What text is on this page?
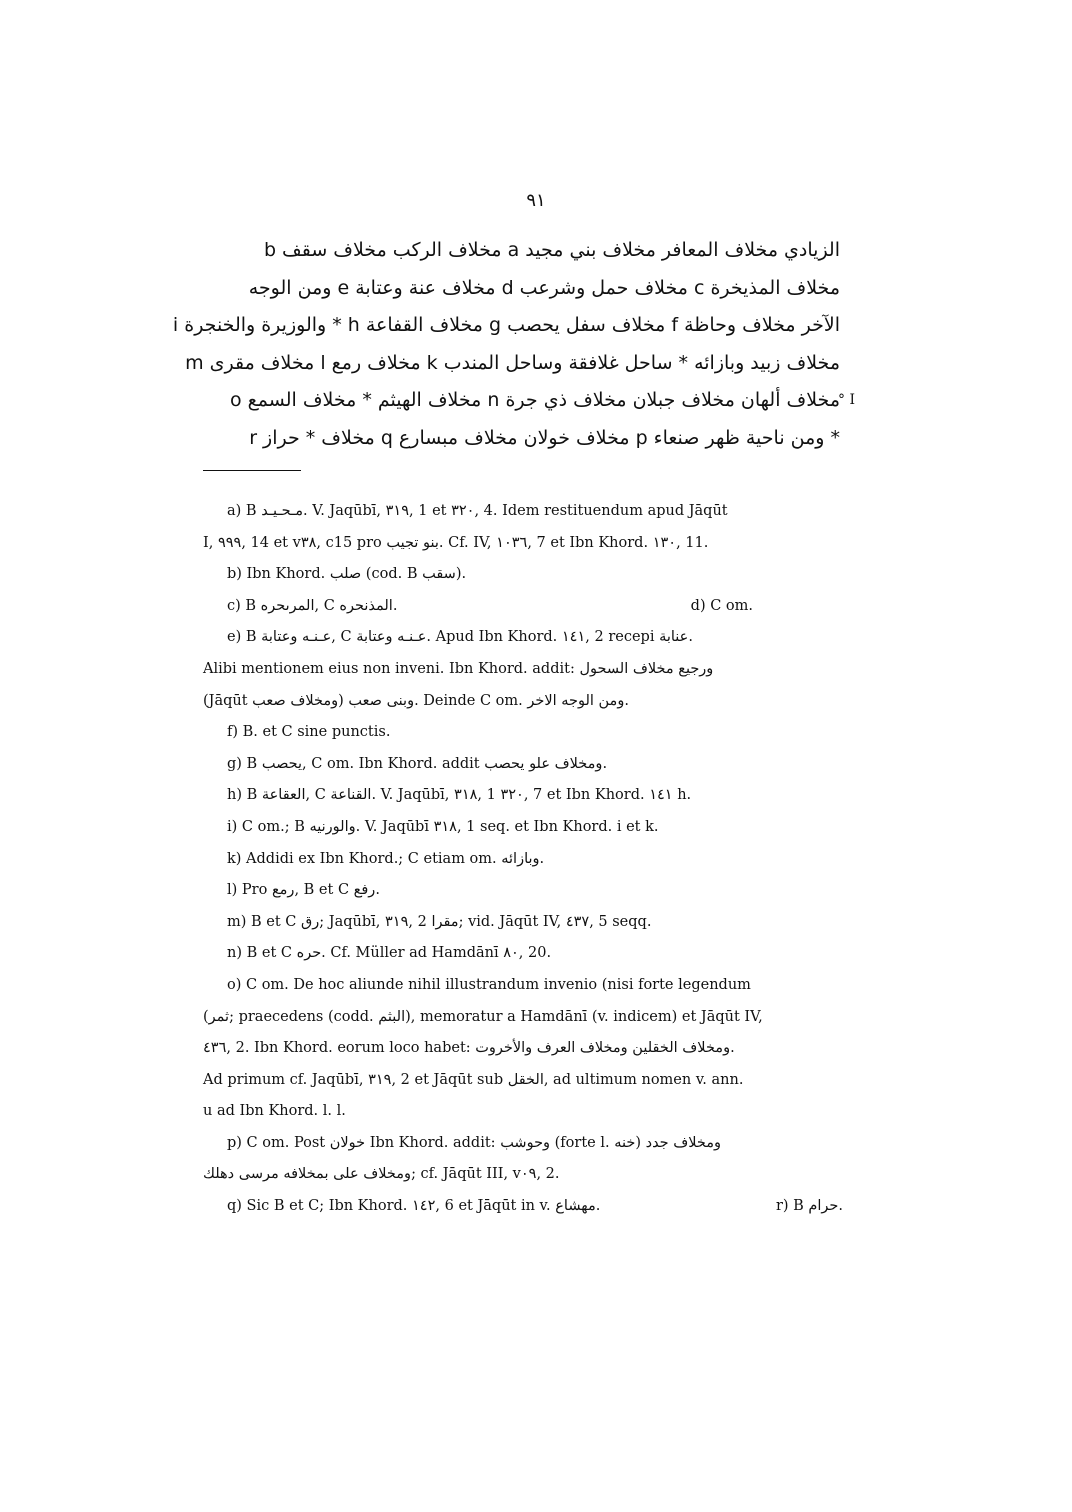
٩١
الزيادي مخلاف المعافر مخلاف بني مجيد a مخلاف الركب مخلاف سقف b
مخلاف المذيخرة c مخلاف حمل وشرعب d مخلاف عنة وعتابة e ومن الوجه
الآخر مخلاف وحاظة f مخلاف سفل يحصب g مخلاف القفاعة h * والوزيرة والخنجرة i
مخلاف زبيد وبازائه * ساحل غلافقة وساحل المندب k مخلاف رمع l مخلاف مقرى m
مخلاف ألهان مخلاف جبلان مخلاف ذي جرة n مخلاف الهيثم * مخلاف السمع o
* ومن ناحية ظهر صنعاء p مخلاف خولان مخلاف مبسارع q مخلاف * حراز r
° I

a) B مـحـيـد. V. Jaqūbī, ٣١٩, 1 et ٣٢٠, 4. Idem restituendum apud Jāqūt

I, ٩٩٩, 14 et v٣٨, c15 pro بنو تجيب. Cf. IV, ١٠٣٦, 7 et Ibn Khord. ١٣٠, 11.

b) Ibn Khord. صلب (cod. B سقب).

c) B المرىحره, C المذنحره.	d) C om.

e) B عـنـه وعتابة, C عـنـه وعتابة. Apud Ibn Khord. ١٤١, 2 recepi عنابة.

Alibi mentionem eius non inveni. Ibn Khord. addit: ورجيع مخلاف السحول

(Jāqūt ومخلاف صعب) وبنى صعب. Deinde C om. ومن الوجه الاخر.

f) B. et C sine punctis.

g) B يحصب, C om. Ibn Khord. addit ومخلاف علو يحصب.

h) B العقاعة, C القناعة. V. Jaqūbī, ٣١٨, 1 ٣٢٠, 7 et Ibn Khord. ١٤١ h.

i) C om.; B والورنيه. V. Jaqūbī ٣١٨, 1 seq. et Ibn Khord. i et k.

k) Addidi ex Ibn Khord.; C etiam om. وبازائه.

l) Pro رمع, B et C رفع.

m) B et C رق; Jaqūbī, ٣١٩, 2 مقرا; vid. Jāqūt IV, ٤٣٧, 5 seqq.

n) B et C حره. Cf. Müller ad Hamdānī ٨٠, 20.

o) C om. De hoc aliunde nihil illustrandum invenio (nisi forte legendum

(ثمر; praecedens (codd. البثم), memoratur a Hamdānī (v. indicem) et Jāqūt IV,

٤٣٦, 2. Ibn Khord. eorum loco habet: ومخلاف الخقلين ومخلاف العرف والأخروت.

Ad primum cf. Jaqūbī, ٣١٩, 2 et Jāqūt sub الخقل, ad ultimum nomen v. ann.

u ad Ibn Khord. l. l.

p) C om. Post خولان Ibn Khord. addit: وحوشب (forte l. خنه) ومخلاف جدد

ومخلاف على بمخلافه مرسى دهلك; cf. Jāqūt III, v٠٩, 2.

q) Sic B et C; Ibn Khord. ١٤٢, 6 et Jāqūt in v. مهشاع.	r) B حرام.
